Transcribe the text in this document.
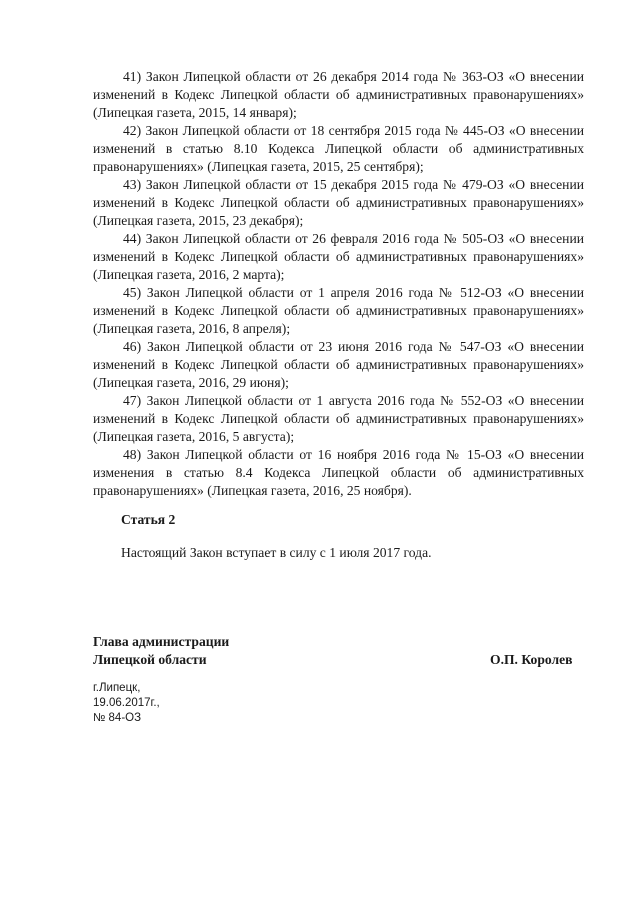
41) Закон Липецкой области от 26 декабря 2014 года № 363-ОЗ «О внесении изменений в Кодекс Липецкой области об административных правонарушениях» (Липецкая газета, 2015, 14 января);

42) Закон Липецкой области от 18 сентября 2015 года № 445-ОЗ «О внесении изменений в статью 8.10 Кодекса Липецкой области об административных правонарушениях» (Липецкая газета, 2015, 25 сентября);

43) Закон Липецкой области от 15 декабря 2015 года № 479-ОЗ «О внесении изменений в Кодекс Липецкой области об административных правонарушениях» (Липецкая газета, 2015, 23 декабря);

44) Закон Липецкой области от 26 февраля 2016 года № 505-ОЗ «О внесении изменений в Кодекс Липецкой области об административных правонарушениях» (Липецкая газета, 2016, 2 марта);

45) Закон Липецкой области от 1 апреля 2016 года № 512-ОЗ «О внесении изменений в Кодекс Липецкой области об административных правонарушениях» (Липецкая газета, 2016, 8 апреля);

46) Закон Липецкой области от 23 июня 2016 года № 547-ОЗ «О внесении изменений в Кодекс Липецкой области об административных правонарушениях» (Липецкая газета, 2016, 29 июня);

47) Закон Липецкой области от 1 августа 2016 года № 552-ОЗ «О внесении изменений в Кодекс Липецкой области об административных правонарушениях» (Липецкая газета, 2016, 5 августа);

48) Закон Липецкой области от 16 ноября 2016 года № 15-ОЗ «О внесении изменения в статью 8.4 Кодекса Липецкой области об административных правонарушениях» (Липецкая газета, 2016, 25 ноября).

Статья 2

Настоящий Закон вступает в силу с 1 июля 2017 года.

Глава администрации
Липецкой области	О.П. Королев

г.Липецк,
19.06.2017г.,
№ 84-ОЗ
